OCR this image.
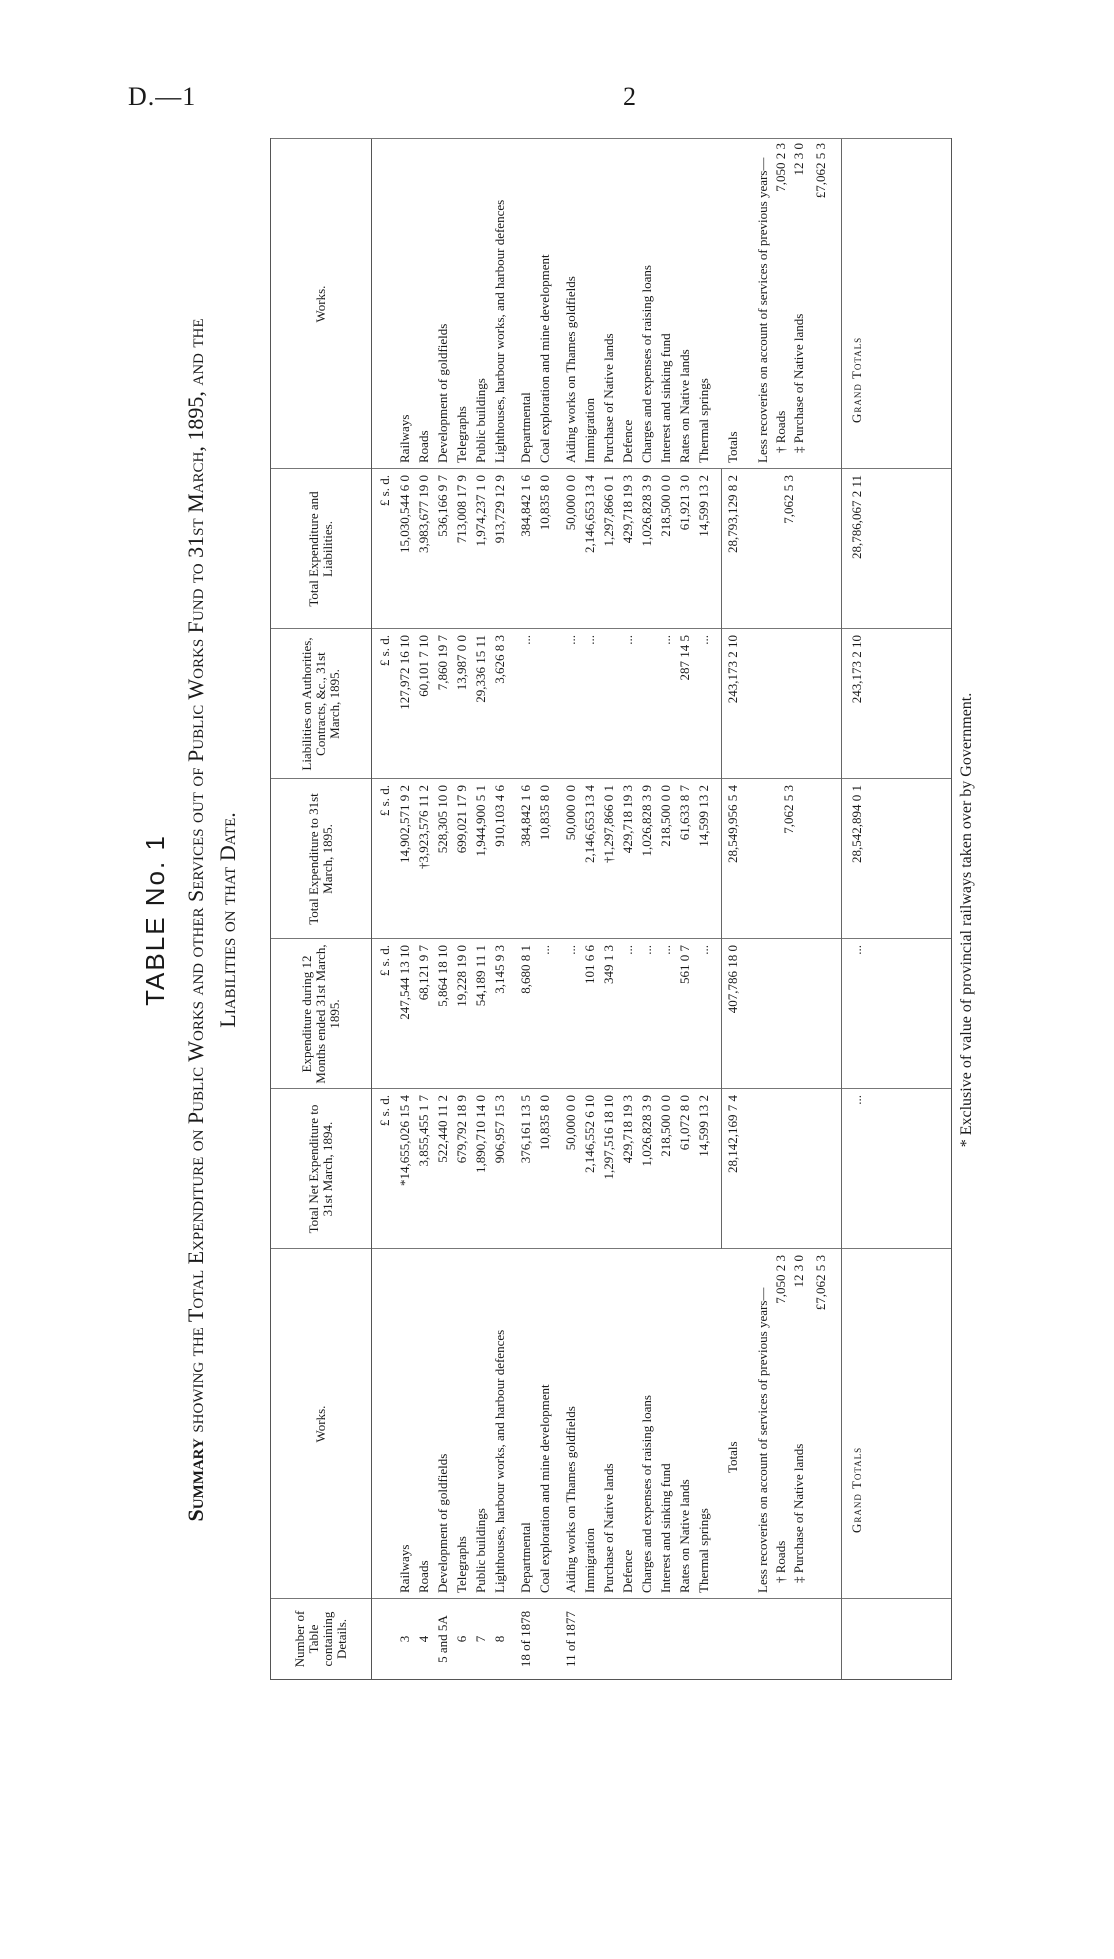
D.—1	2
TABLE No. 1
Summary showing the Total Expenditure on Public Works and other Services out of Public Works Fund to 31st March, 1895, and the Liabilities on that Date.
Number of Table containing Details.
Works.
Total Net Expenditure to 31st March, 1894.
Expenditure during 12 Months ended 31st March, 1895.
Total Expenditure to 31st March, 1895.
Liabilities on Authorities, Contracts, &c., 31st March, 1895.
Total Expenditure and Liabilities.
Works.
£ s. d.
£ s. d.
£ s. d.
£ s. d.
£ s. d.
3
Railways
*14,655,026 15 4
247,544 13 10
14,902,571 9 2
127,972 16 10
15,030,544 6 0
Railways
4
Roads
3,855,455 1 7
68,121 9 7
†3,923,576 11 2
60,101 7 10
3,983,677 19 0
Roads
5 and 5A
Development of goldfields
522,440 11 2
5,864 18 10
528,305 10 0
7,860 19 7
536,166 9 7
Development of goldfields
6
Telegraphs
679,792 18 9
19,228 19 0
699,021 17 9
13,987 0 0
713,008 17 9
Telegraphs
7
Public buildings
1,890,710 14 0
54,189 11 1
1,944,900 5 1
29,336 15 11
1,974,237 1 0
Public buildings
8
Lighthouses, harbour works, and harbour defences
906,957 15 3
3,145 9 3
910,103 4 6
3,626 8 3
913,729 12 9
Lighthouses, harbour works, and harbour defences
18 of 1878
Departmental
376,161 13 5
8,680 8 1
384,842 1 6
...
384,842 1 6
Departmental
Coal exploration and mine development
10,835 8 0
...
10,835 8 0
10,835 8 0
Coal exploration and mine development
11 of 1877
Aiding works on Thames goldfields
50,000 0 0
...
50,000 0 0
...
50,000 0 0
Aiding works on Thames goldfields
Immigration
2,146,552 6 10
101 6 6
2,146,653 13 4
...
2,146,653 13 4
Immigration
Purchase of Native lands
1,297,516 18 10
349 1 3
†1,297,866 0 1
1,297,866 0 1
Purchase of Native lands
Defence
429,718 19 3
...
429,718 19 3
...
429,718 19 3
Defence
Charges and expenses of raising loans
1,026,828 3 9
...
1,026,828 3 9
1,026,828 3 9
Charges and expenses of raising loans
Interest and sinking fund
218,500 0 0
...
218,500 0 0
...
218,500 0 0
Interest and sinking fund
Rates on Native lands
61,072 8 0
561 0 7
61,633 8 7
287 14 5
61,921 3 0
Rates on Native lands
Thermal springs
14,599 13 2
...
14,599 13 2
...
14,599 13 2
Thermal springs
Totals
28,142,169 7 4
407,786 18 0
28,549,956 5 4
243,173 2 10
28,793,129 8 2
Totals
Less recoveries on account of services of previous years—
Less recoveries on account of services of previous years—
† Roads
7,050 2 3
7,062 5 3
7,062 5 3
† Roads
7,050 2 3
‡ Purchase of Native lands
12 3 0
‡ Purchase of Native lands
12 3 0
£7,062 5 3
£7,062 5 3
Grand Totals
...
...
28,542,894 0 1
243,173 2 10
28,786,067 2 11
Grand Totals
* Exclusive of value of provincial railways taken over by Government.
